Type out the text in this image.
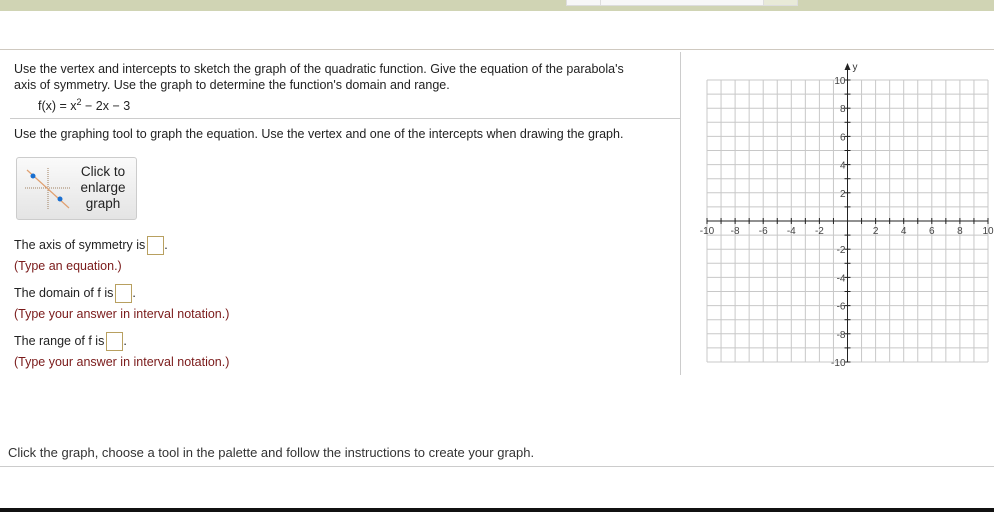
Use the vertex and intercepts to sketch the graph of the quadratic function. Give the equation of the parabola's
axis of symmetry. Use the graph to determine the function's domain and range.
$f(x) = x^2 - 2x - 3$
Use the graphing tool to graph the equation. Use the vertex and one of the intercepts when drawing the graph.
Click to enlarge graph
The axis of symmetry is .
(Type an equation.)
The domain of f is .
(Type your answer in interval notation.)
The range of f is .
(Type your answer in interval notation.)
y
-10 -8 -6 -4 -2	2 4 6 8 10
10
8
6
4
2
-2
-4
-6
-8
-10
Click the graph, choose a tool in the palette and follow the instructions to create your graph.
